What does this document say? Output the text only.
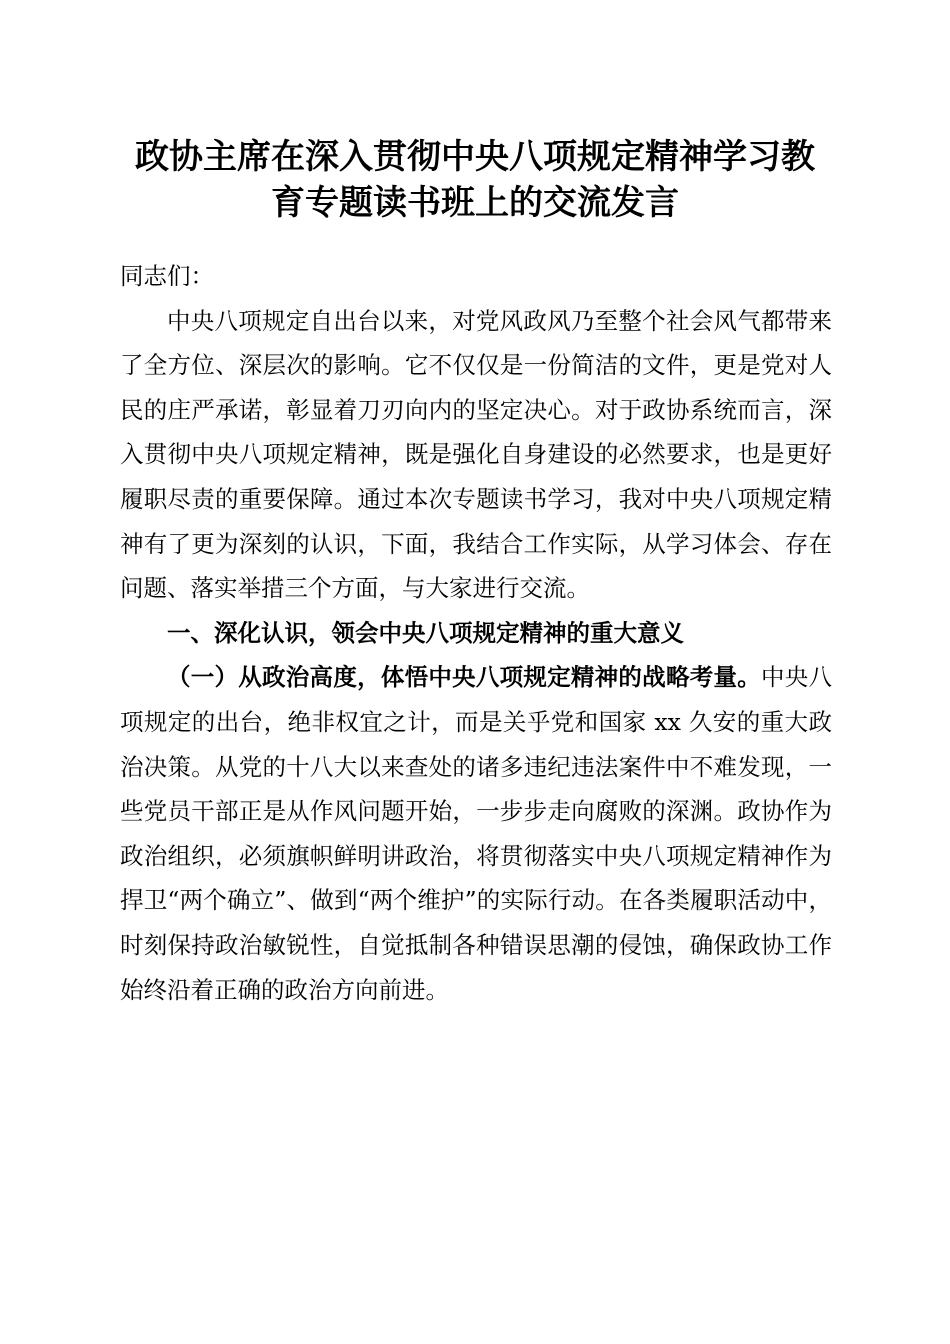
政协主席在深入贯彻中央八项规定精神学习教
育专题读书班上的交流发言

同志们：

中央八项规定自出台以来，对党风政风乃至整个社会风气都带来了全方位、深层次的影响。它不仅仅是一份简洁的文件，更是党对人民的庄严承诺，彰显着刀刃向内的坚定决心。对于政协系统而言，深入贯彻中央八项规定精神，既是强化自身建设的必然要求，也是更好履职尽责的重要保障。通过本次专题读书学习，我对中央八项规定精神有了更为深刻的认识，下面，我结合工作实际，从学习体会、存在问题、落实举措三个方面，与大家进行交流。

一、深化认识，领会中央八项规定精神的重大意义

（一）从政治高度，体悟中央八项规定精神的战略考量。中央八项规定的出台，绝非权宜之计，而是关乎党和国家 xx 久安的重大政治决策。从党的十八大以来查处的诸多违纪违法案件中不难发现，一些党员干部正是从作风问题开始，一步步走向腐败的深渊。政协作为政治组织，必须旗帜鲜明讲政治，将贯彻落实中央八项规定精神作为捍卫“两个确立”、做到“两个维护”的实际行动。在各类履职活动中，时刻保持政治敏锐性，自觉抵制各种错误思潮的侵蚀，确保政协工作始终沿着正确的政治方向前进。
